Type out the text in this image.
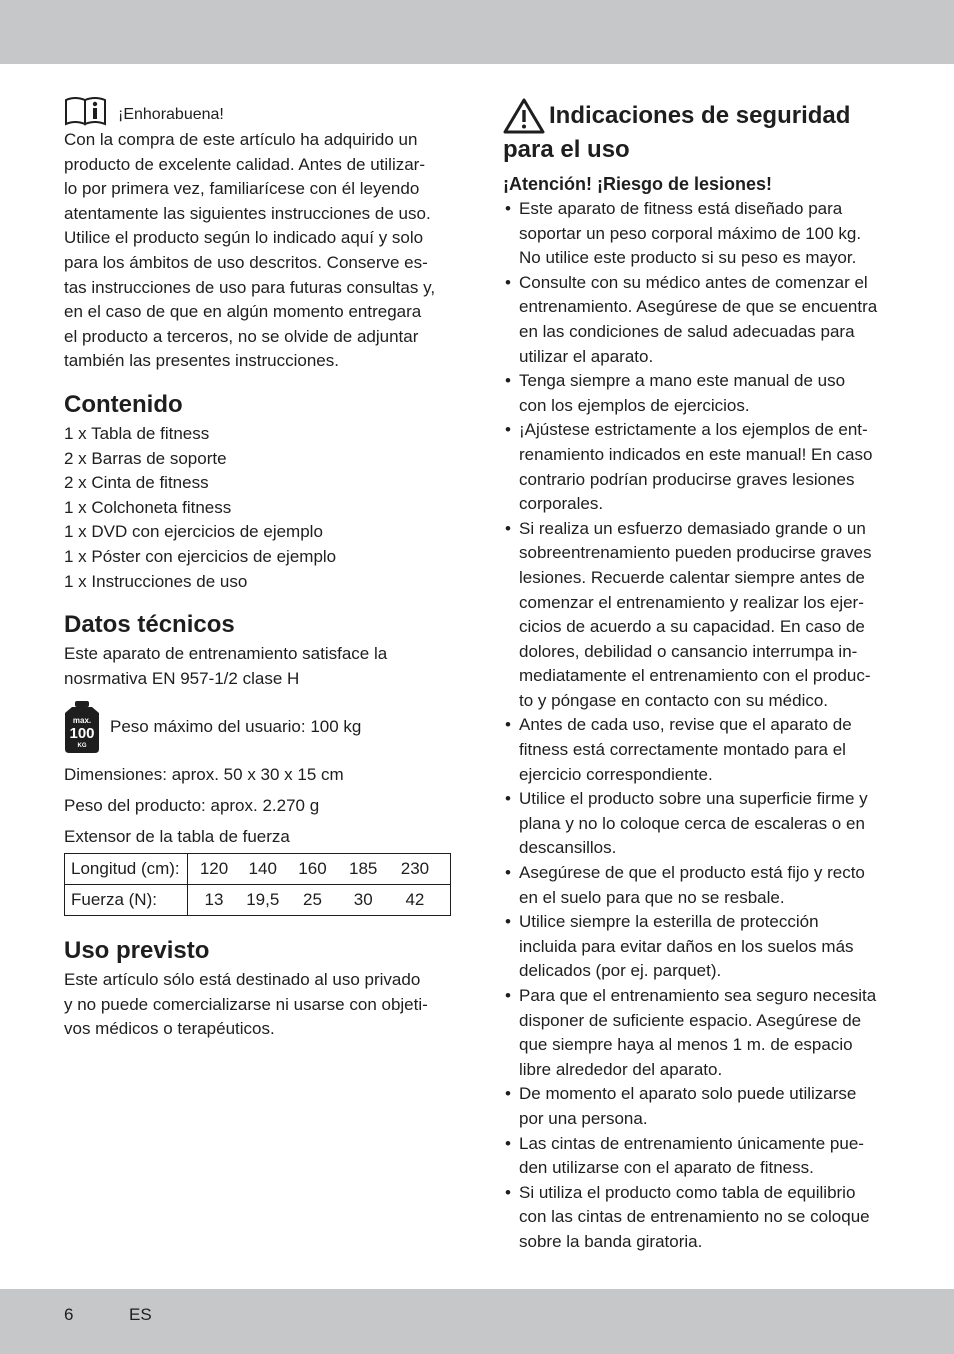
¡Enhorabuena!

Con la compra de este artículo ha adquirido un
producto de excelente calidad. Antes de utilizar-
lo por primera vez, familiarícese con él leyendo
atentamente las siguientes instrucciones de uso.
Utilice el producto según lo indicado aquí y solo
para los ámbitos de uso descritos. Conserve es-
tas instrucciones de uso para futuras consultas y,
en el caso de que en algún momento entregara
el producto a terceros, no se olvide de adjuntar
también las presentes instrucciones.

Contenido
1 x Tabla de fitness
2 x Barras de soporte
2 x Cinta de fitness
1 x Colchoneta fitness
1 x DVD con ejercicios de ejemplo
1 x Póster con ejercicios de ejemplo
1 x Instrucciones de uso
Datos técnicos

Este aparato de entrenamiento satisface la
nosrmativa EN 957-1/2 clase H

max.
100
KG
Peso máximo del usuario: 100 kg

Dimensiones: aprox. 50 x 30 x 15 cm

Peso del producto: aprox. 2.270 g

Extensor de la tabla de fuerza

Longitud (cm):	120 140 160 185 230
Fuerza (N):	13 19,5 25 30 42
Uso previsto

Este artículo sólo está destinado al uso privado
y no puede comercializarse ni usarse con objeti-
vos médicos o terapéuticos.

Indicaciones de seguridad
para el uso
¡Atención! ¡Riesgo de lesiones!
• Este aparato de fitness está diseñado para
soportar un peso corporal máximo de 100 kg.
No utilice este producto si su peso es mayor.
• Consulte con su médico antes de comenzar el
entrenamiento. Asegúrese de que se encuentra
en las condiciones de salud adecuadas para
utilizar el aparato.
• Tenga siempre a mano este manual de uso
con los ejemplos de ejercicios.
• ¡Ajústese estrictamente a los ejemplos de ent-
renamiento indicados en este manual! En caso
contrario podrían producirse graves lesiones
corporales.
• Si realiza un esfuerzo demasiado grande o un
sobreentrenamiento pueden producirse graves
lesiones. Recuerde calentar siempre antes de
comenzar el entrenamiento y realizar los ejer-
cicios de acuerdo a su capacidad. En caso de
dolores, debilidad o cansancio interrumpa in-
mediatamente el entrenamiento con el produc-
to y póngase en contacto con su médico.
• Antes de cada uso, revise que el aparato de
fitness está correctamente montado para el
ejercicio correspondiente.
• Utilice el producto sobre una superficie firme y
plana y no lo coloque cerca de escaleras o en
descansillos.
• Asegúrese de que el producto está fijo y recto
en el suelo para que no se resbale.
• Utilice siempre la esterilla de protección
incluida para evitar daños en los suelos más
delicados (por ej. parquet).
• Para que el entrenamiento sea seguro necesita
disponer de suficiente espacio. Asegúrese de
que siempre haya al menos 1 m. de espacio
libre alrededor del aparato.
• De momento el aparato solo puede utilizarse
por una persona.
• Las cintas de entrenamiento únicamente pue-
den utilizarse con el aparato de fitness.
• Si utiliza el producto como tabla de equilibrio
con las cintas de entrenamiento no se coloque
sobre la banda giratoria.
6	ES
